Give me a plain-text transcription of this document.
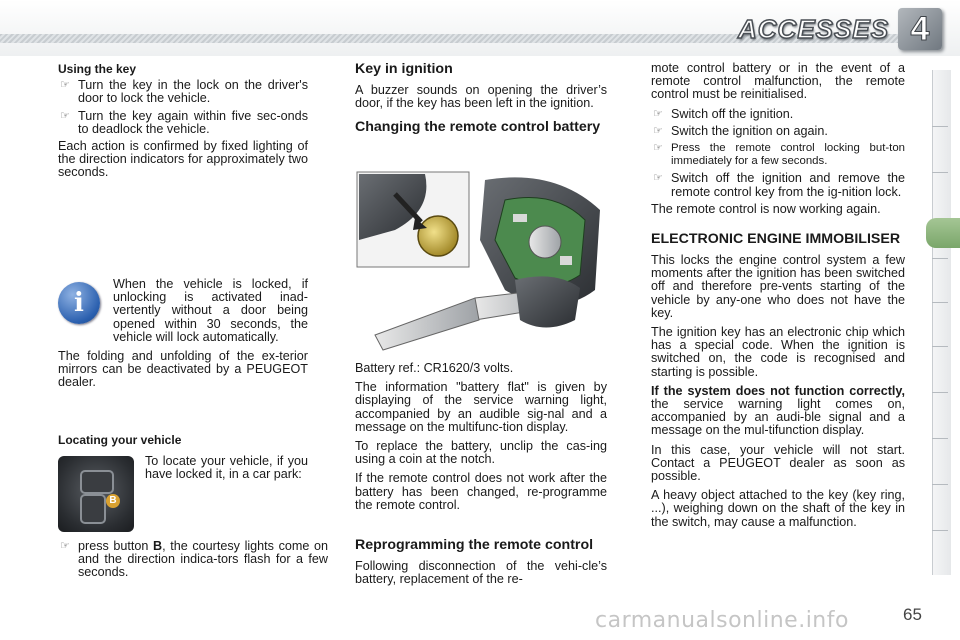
ACCESSES 4
Using the key
☞ Turn the key in the lock on the driver's door to lock the vehicle.
☞ Turn the key again within five sec-onds to deadlock the vehicle.

Each action is confirmed by fixed lighting of the direction indicators for approximately two seconds.

i

When the vehicle is locked, if unlocking is activated inad-vertently without a door being opened within 30 seconds, the vehicle will lock automatically.

The folding and unfolding of the ex-terior mirrors can be deactivated by a PEUGEOT dealer.

Locating your vehicle
B
To locate your vehicle, if you have locked it, in a car park:
☞ press button B, the courtesy lights come on and the direction indica-tors flash for a few seconds.
Key in ignition

A buzzer sounds on opening the driver’s door, if the key has been left in the ignition.

Changing the remote control battery

Battery ref.: CR1620/3 volts.

The information "battery flat" is given by displaying of the service warning light, accompanied by an audible sig-nal and a message on the multifunc-tion display.

To replace the battery, unclip the cas-ing using a coin at the notch.

If the remote control does not work after the battery has been changed, re-programme the remote control.

Reprogramming the remote control

Following disconnection of the vehi-cle’s battery, replacement of the re-

mote control battery or in the event of a remote control malfunction, the remote control must be reinitialised.

☞ Switch off the ignition.
☞ Switch the ignition on again.
☞ Press the remote control locking but-ton immediately for a few seconds.
☞ Switch off the ignition and remove the remote control key from the ig-nition lock.

The remote control is now working again.

ELECTRONIC ENGINE IMMOBILISER

This locks the engine control system a few moments after the ignition has been switched off and therefore pre-vents starting of the vehicle by any-one who does not have the key.

The ignition key has an electronic chip which has a special code. When the ignition is switched on, the code is recognised and starting is possible.

If the system does not function correctly, the service warning light comes on, accompanied by an audi-ble signal and a message on the mul-tifunction display.

In this case, your vehicle will not start. Contact a PEUGEOT dealer as soon as possible.

A heavy object attached to the key (key ring, ...), weighing down on the shaft of the key in the switch, may cause a malfunction.

carmanualsonline.info	65
